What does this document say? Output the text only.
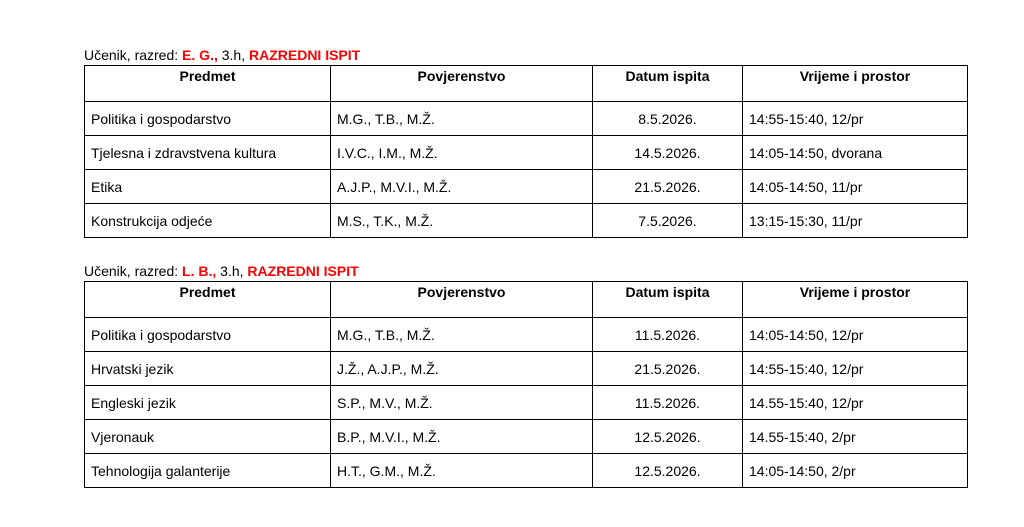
Učenik, razred: E. G., 3.h, RAZREDNI ISPIT
Predmet	Povjerenstvo	Datum ispita	Vrijeme i prostor
Politika i gospodarstvo	M.G., T.B., M.Ž.	8.5.2026.	14:55-15:40, 12/pr
Tjelesna i zdravstvena kultura	I.V.C., I.M., M.Ž.	14.5.2026.	14:05-14:50, dvorana
Etika	A.J.P., M.V.I., M.Ž.	21.5.2026.	14:05-14:50, 11/pr
Konstrukcija odjeće	M.S., T.K., M.Ž.	7.5.2026.	13:15-15:30, 11/pr
Učenik, razred: L. B., 3.h, RAZREDNI ISPIT
Predmet	Povjerenstvo	Datum ispita	Vrijeme i prostor
Politika i gospodarstvo	M.G., T.B., M.Ž.	11.5.2026.	14:05-14:50, 12/pr
Hrvatski jezik	J.Ž., A.J.P., M.Ž.	21.5.2026.	14:55-15:40, 12/pr
Engleski jezik	S.P., M.V., M.Ž.	11.5.2026.	14.55-15:40, 12/pr
Vjeronauk	B.P., M.V.I., M.Ž.	12.5.2026.	14.55-15:40, 2/pr
Tehnologija galanterije	H.T., G.M., M.Ž.	12.5.2026.	14:05-14:50, 2/pr
